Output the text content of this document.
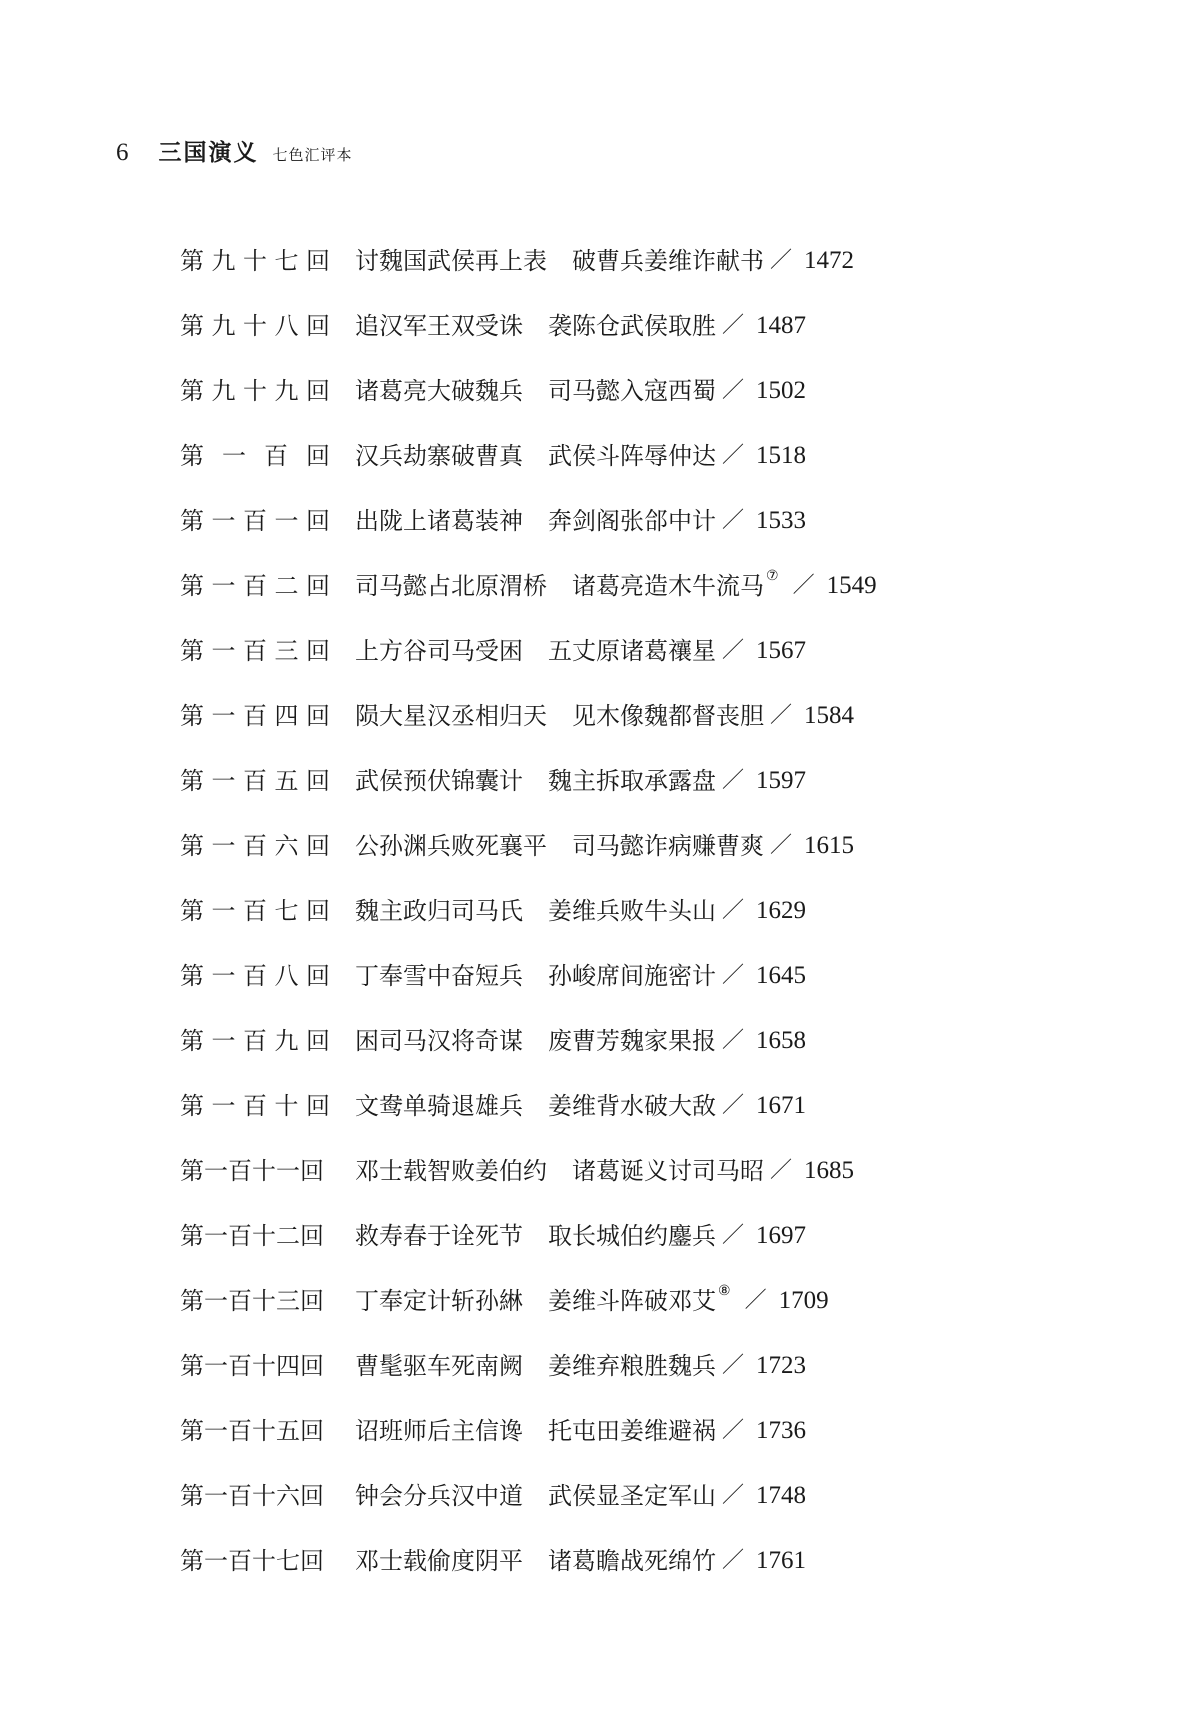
6 三国演义 七色汇评本
第 九 十 七 回 讨魏国武侯再上表 破曹兵姜维诈献书 ／ 1472
第 九 十 八 回 追汉军王双受诛 袭陈仓武侯取胜 ／ 1487
第 九 十 九 回 诸葛亮大破魏兵 司马懿入寇西蜀 ／ 1502
第 一 百 回 汉兵劫寨破曹真 武侯斗阵辱仲达 ／ 1518
第 一 百 一 回 出陇上诸葛装神 奔剑阁张郃中计 ／ 1533
第 一 百 二 回 司马懿占北原渭桥 诸葛亮造木牛流马 ⑦ ／ 1549
第 一 百 三 回 上方谷司马受困 五丈原诸葛禳星 ／ 1567
第 一 百 四 回 陨大星汉丞相归天 见木像魏都督丧胆 ／ 1584
第 一 百 五 回 武侯预伏锦囊计 魏主拆取承露盘 ／ 1597
第 一 百 六 回 公孙渊兵败死襄平 司马懿诈病赚曹爽 ／ 1615
第 一 百 七 回 魏主政归司马氏 姜维兵败牛头山 ／ 1629
第 一 百 八 回 丁奉雪中奋短兵 孙峻席间施密计 ／ 1645
第 一 百 九 回 困司马汉将奇谋 废曹芳魏家果报 ／ 1658
第 一 百 十 回 文鸯单骑退雄兵 姜维背水破大敌 ／ 1671
第 一 百 十 一 回 邓士载智败姜伯约 诸葛诞义讨司马昭 ／ 1685
第 一 百 十 二 回 救寿春于诠死节 取长城伯约鏖兵 ／ 1697
第 一 百 十 三 回 丁奉定计斩孙綝 姜维斗阵破邓艾 ⑧ ／ 1709
第 一 百 十 四 回 曹髦驱车死南阙 姜维弃粮胜魏兵 ／ 1723
第 一 百 十 五 回 诏班师后主信谗 托屯田姜维避祸 ／ 1736
第 一 百 十 六 回 钟会分兵汉中道 武侯显圣定军山 ／ 1748
第 一 百 十 七 回 邓士载偷度阴平 诸葛瞻战死绵竹 ／ 1761
